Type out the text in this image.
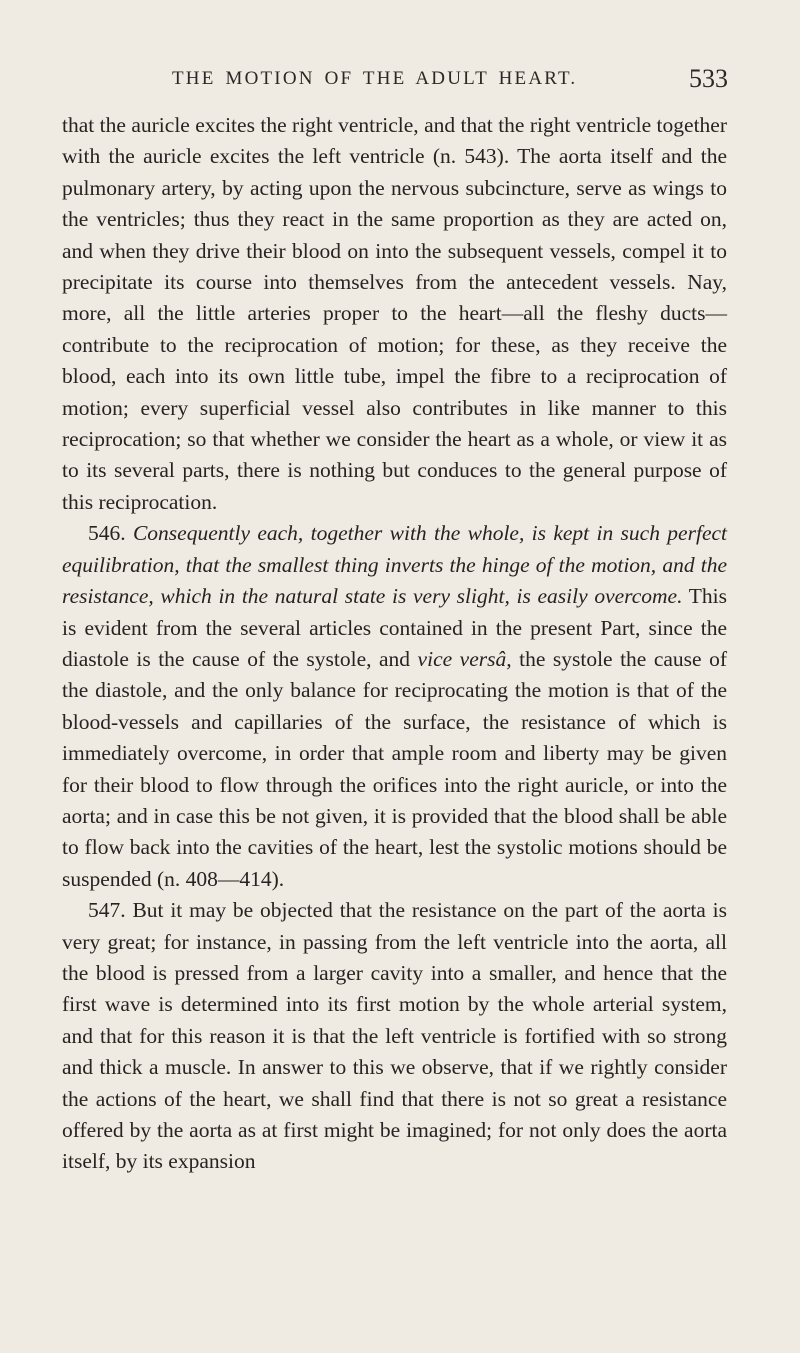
THE MOTION OF THE ADULT HEART.	533

that the auricle excites the right ventricle, and that the right ventricle together with the auricle excites the left ventricle (n. 543). The aorta itself and the pulmonary artery, by acting upon the nervous subcincture, serve as wings to the ventricles; thus they react in the same proportion as they are acted on, and when they drive their blood on into the subsequent vessels, compel it to precipitate its course into themselves from the antecedent vessels. Nay, more, all the little arteries proper to the heart—all the fleshy ducts—contribute to the reciprocation of motion; for these, as they receive the blood, each into its own little tube, impel the fibre to a reciprocation of motion; every superficial vessel also contributes in like manner to this reciprocation; so that whether we consider the heart as a whole, or view it as to its several parts, there is nothing but conduces to the general purpose of this reciprocation.

546. Consequently each, together with the whole, is kept in such perfect equilibration, that the smallest thing inverts the hinge of the motion, and the resistance, which in the natural state is very slight, is easily overcome. This is evident from the several articles contained in the present Part, since the diastole is the cause of the systole, and vice versâ, the systole the cause of the diastole, and the only balance for reciprocating the motion is that of the blood-vessels and capillaries of the surface, the resistance of which is immediately overcome, in order that ample room and liberty may be given for their blood to flow through the orifices into the right auricle, or into the aorta; and in case this be not given, it is provided that the blood shall be able to flow back into the cavities of the heart, lest the systolic motions should be suspended (n. 408—414).

547. But it may be objected that the resistance on the part of the aorta is very great; for instance, in passing from the left ventricle into the aorta, all the blood is pressed from a larger cavity into a smaller, and hence that the first wave is determined into its first motion by the whole arterial system, and that for this reason it is that the left ventricle is fortified with so strong and thick a muscle. In answer to this we observe, that if we rightly consider the actions of the heart, we shall find that there is not so great a resistance offered by the aorta as at first might be imagined; for not only does the aorta itself, by its expansion
